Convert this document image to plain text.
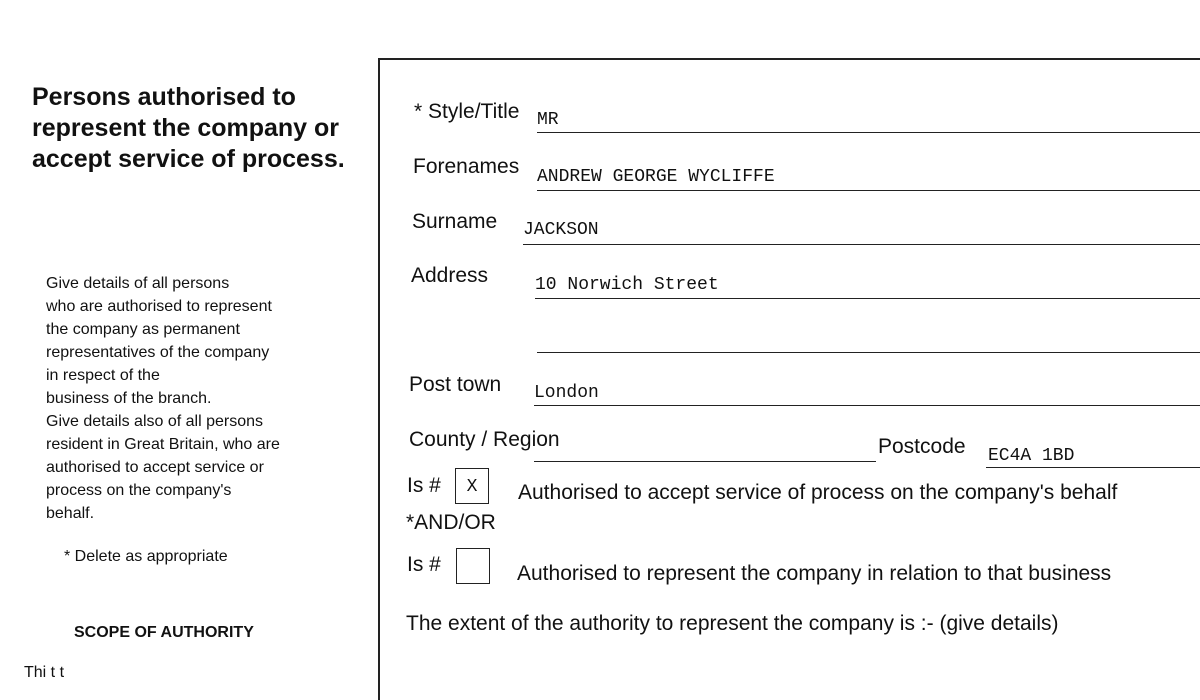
Persons authorised to represent the company or accept service of process.
Give details of all persons
who are authorised to represent
the company as permanent
representatives of the company
in respect of the
business of the branch.
Give details also of all persons
resident in Great Britain, who are
authorised to accept service or
process on the company's
behalf.
* Delete as appropriate
SCOPE OF AUTHORITY
Thi t t
* Style/Title MR
Forenames ANDREW GEORGE WYCLIFFE
Surname JACKSON
Address	10 Norwich Street
Post town London
County / Region	Postcode EC4A 1BD
Is #	X	Authorised to accept service of process on the company's behalf
*AND/OR
Is #	Authorised to represent the company in relation to that business
The extent of the authority to represent the company is :- (give details)
